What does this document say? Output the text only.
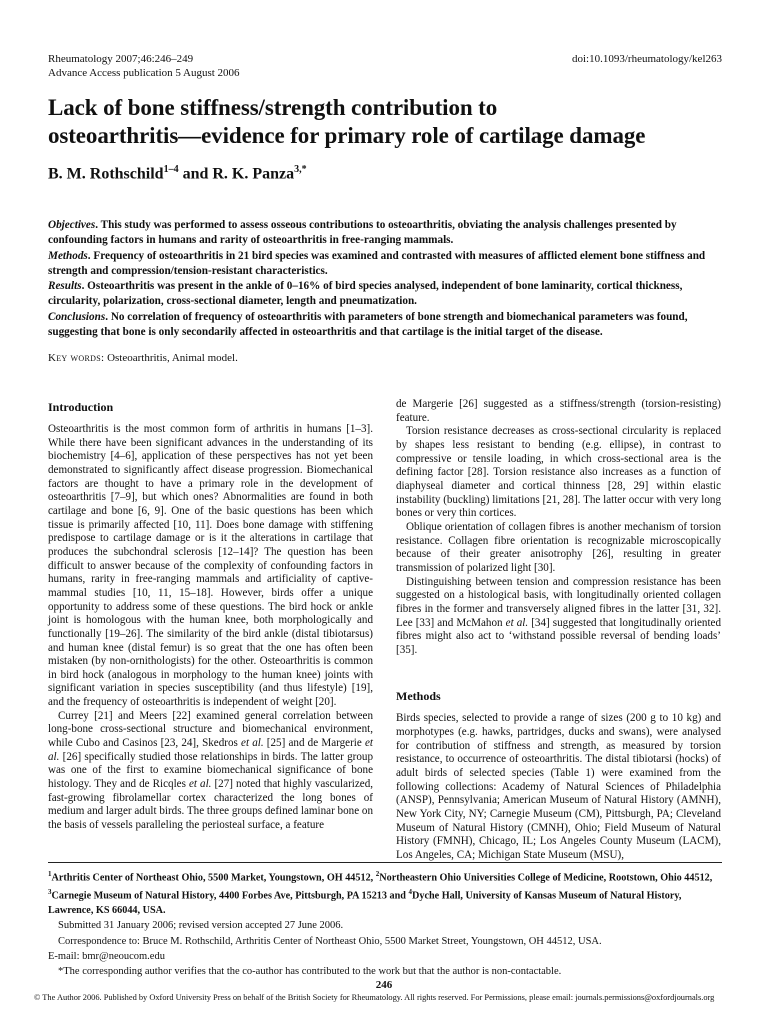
Rheumatology 2007;46:246–249
Advance Access publication 5 August 2006
doi:10.1093/rheumatology/kel263
Lack of bone stiffness/strength contribution to
osteoarthritis—evidence for primary role of cartilage damage
B. M. Rothschild$^{1-4}$ and R. K. Panza$^{3,*}$

Objectives. This study was performed to assess osseous contributions to osteoarthritis, obviating the analysis challenges presented by confounding factors in humans and rarity of osteoarthritis in free-ranging mammals.

Methods. Frequency of osteoarthritis in 21 bird species was examined and contrasted with measures of afflicted element bone stiffness and strength and compression/tension-resistant characteristics.

Results. Osteoarthritis was present in the ankle of 0–16% of bird species analysed, independent of bone laminarity, cortical thickness, circularity, polarization, cross-sectional diameter, length and pneumatization.

Conclusions. No correlation of frequency of osteoarthritis with parameters of bone strength and biomechanical parameters was found, suggesting that bone is only secondarily affected in osteoarthritis and that cartilage is the initial target of the disease.

Key words: Osteoarthritis, Animal model.
Introduction

Osteoarthritis is the most common form of arthritis in humans [1–3]. While there have been significant advances in the understanding of its biochemistry [4–6], application of these perspectives has not yet been demonstrated to significantly affect disease progression. Biomechanical factors are thought to have a primary role in the development of osteoarthritis [7–9], but which ones? Abnormalities are found in both cartilage and bone [6, 9]. One of the basic questions has been which tissue is primarily affected [10, 11]. Does bone damage with stiffening predispose to cartilage damage or is it the alterations in cartilage that produces the subchondral sclerosis [12–14]? The question has been difficult to answer because of the complexity of confounding factors in humans, rarity in free-ranging mammals and artificiality of captive-mammal studies [10, 11, 15–18]. However, birds offer a unique opportunity to address some of these questions. The bird hock or ankle joint is homologous with the human knee, both morphologically and functionally [19–26]. The similarity of the bird ankle (distal tibiotarsus) and human knee (distal femur) is so great that the one has often been mistaken (by non-ornithologists) for the other. Osteoarthritis is common in bird hock (analogous in morphology to the human knee) joints with significant variation in species susceptibility (and thus lifestyle) [19], and the frequency of osteoarthritis is independent of weight [20].

Currey [21] and Meers [22] examined general correlation between long-bone cross-sectional structure and biomechanical environment, while Cubo and Casinos [23, 24], Skedros et al. [25] and de Margerie et al. [26] specifically studied those relationships in birds. The latter group was one of the first to examine biomechanical significance of bone histology. They and de Ricqles et al. [27] noted that highly vascularized, fast-growing fibrolamellar cortex characterized the long bones of medium and larger adult birds. The three groups defined laminar bone on the basis of vessels paralleling the periosteal surface, a feature

de Margerie [26] suggested as a stiffness/strength (torsion-resisting) feature.

Torsion resistance decreases as cross-sectional circularity is replaced by shapes less resistant to bending (e.g. ellipse), in contrast to compressive or tensile loading, in which cross-sectional area is the defining factor [28]. Torsion resistance also increases as a function of diaphyseal diameter and cortical thinness [28, 29] within elastic instability (buckling) limitations [21, 28]. The latter occur with very long bones or very thin cortices.

Oblique orientation of collagen fibres is another mechanism of torsion resistance. Collagen fibre orientation is recognizable microscopically because of their greater anisotrophy [26], resulting in greater transmission of polarized light [30].

Distinguishing between tension and compression resistance has been suggested on a histological basis, with longitudinally oriented collagen fibres in the former and transversely aligned fibres in the latter [31, 32]. Lee [33] and McMahon et al. [34] suggested that longitudinally oriented fibres might also act to ‘withstand possible reversal of bending loads’ [35].

Methods

Birds species, selected to provide a range of sizes (200 g to 10 kg) and morphotypes (e.g. hawks, partridges, ducks and swans), were analysed for contribution of stiffness and strength, as measured by torsion resistance, to occurrence of osteoarthritis. The distal tibiotarsi (hocks) of adult birds of selected species (Table 1) were examined from the following collections: Academy of Natural Sciences of Philadelphia (ANSP), Pennsylvania; American Museum of Natural History (AMNH), New York City, NY; Carnegie Museum (CM), Pittsburgh, PA; Cleveland Museum of Natural History (CMNH), Ohio; Field Museum of Natural History (FMNH), Chicago, IL; Los Angeles County Museum (LACM), Los Angeles, CA; Michigan State Museum (MSU),

$^1$Arthritis Center of Northeast Ohio, 5500 Market, Youngstown, OH 44512, $^2$Northeastern Ohio Universities College of Medicine, Rootstown, Ohio 44512, $^3$Carnegie Museum of Natural History, 4400 Forbes Ave, Pittsburgh, PA 15213 and $^4$Dyche Hall, University of Kansas Museum of Natural History, Lawrence, KS 66044, USA.
Submitted 31 January 2006; revised version accepted 27 June 2006.
Correspondence to: Bruce M. Rothschild, Arthritis Center of Northeast Ohio, 5500 Market Street, Youngstown, OH 44512, USA.
E-mail: bmr@neoucom.edu
*The corresponding author verifies that the co-author has contributed to the work but that the author is non-contactable.
246
© The Author 2006. Published by Oxford University Press on behalf of the British Society for Rheumatology. All rights reserved. For Permissions, please email: journals.permissions@oxfordjournals.org
